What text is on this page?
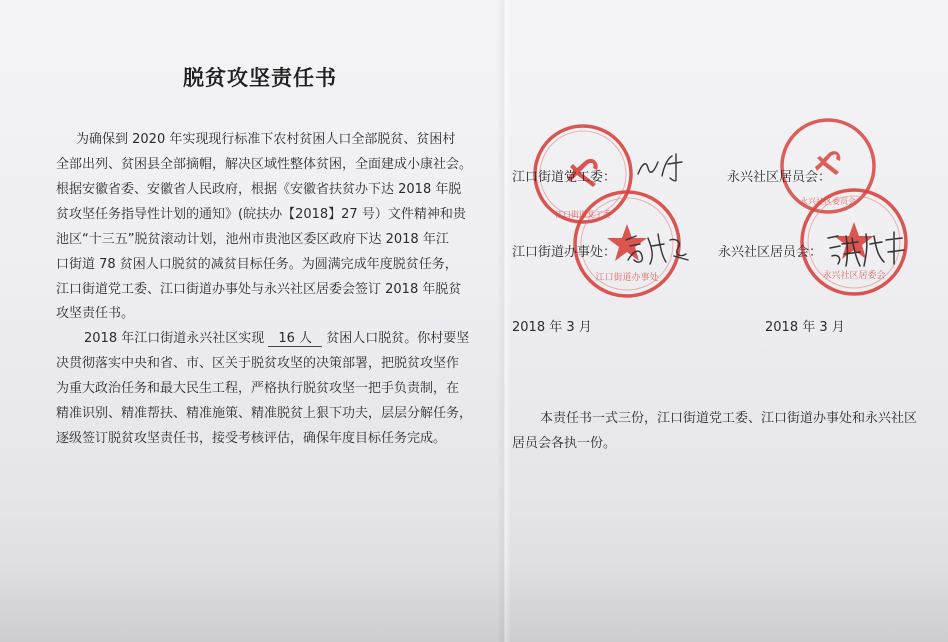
脱贫攻坚责任书
为确保到 2020 年实现现行标准下农村贫困人口全部脱贫、贫困村
全部出列、贫困县全部摘帽，解决区域性整体贫困，全面建成小康社会。
根据安徽省委、安徽省人民政府，根据《安徽省扶贫办下达 2018 年脱
贫攻坚任务指导性计划的通知》(皖扶办【2018】27 号）文件精神和贵
池区“十三五”脱贫滚动计划，池州市贵池区委区政府下达 2018 年江
口街道 78 贫困人口脱贫的减贫目标任务。为圆满完成年度脱贫任务，
江口街道党工委、江口街道办事处与永兴社区居委会签订 2018 年脱贫
攻坚责任书。
2018 年江口街道永兴社区实现 16 人 贫困人口脱贫。你村要坚
决贯彻落实中央和省、市、区关于脱贫攻坚的决策部署，把脱贫攻坚作
为重大政治任务和最大民生工程，严格执行脱贫攻坚一把手负责制，在
精准识别、精准帮扶、精准施策、精准脱贫上狠下功夫，层层分解任务，
逐级签订脱贫攻坚责任书，接受考核评估，确保年度目标任务完成。
江口街道党工委
永兴社区委员会
江口街道办事处	永兴社区居委会
江口街道党工委：	永兴社区居员会：
江口街道办事处：	永兴社区居员会：
2018 年 3 月	2018 年 3 月
本责任书一式三份，江口街道党工委、江口街道办事处和永兴社区
居员会各执一份。
